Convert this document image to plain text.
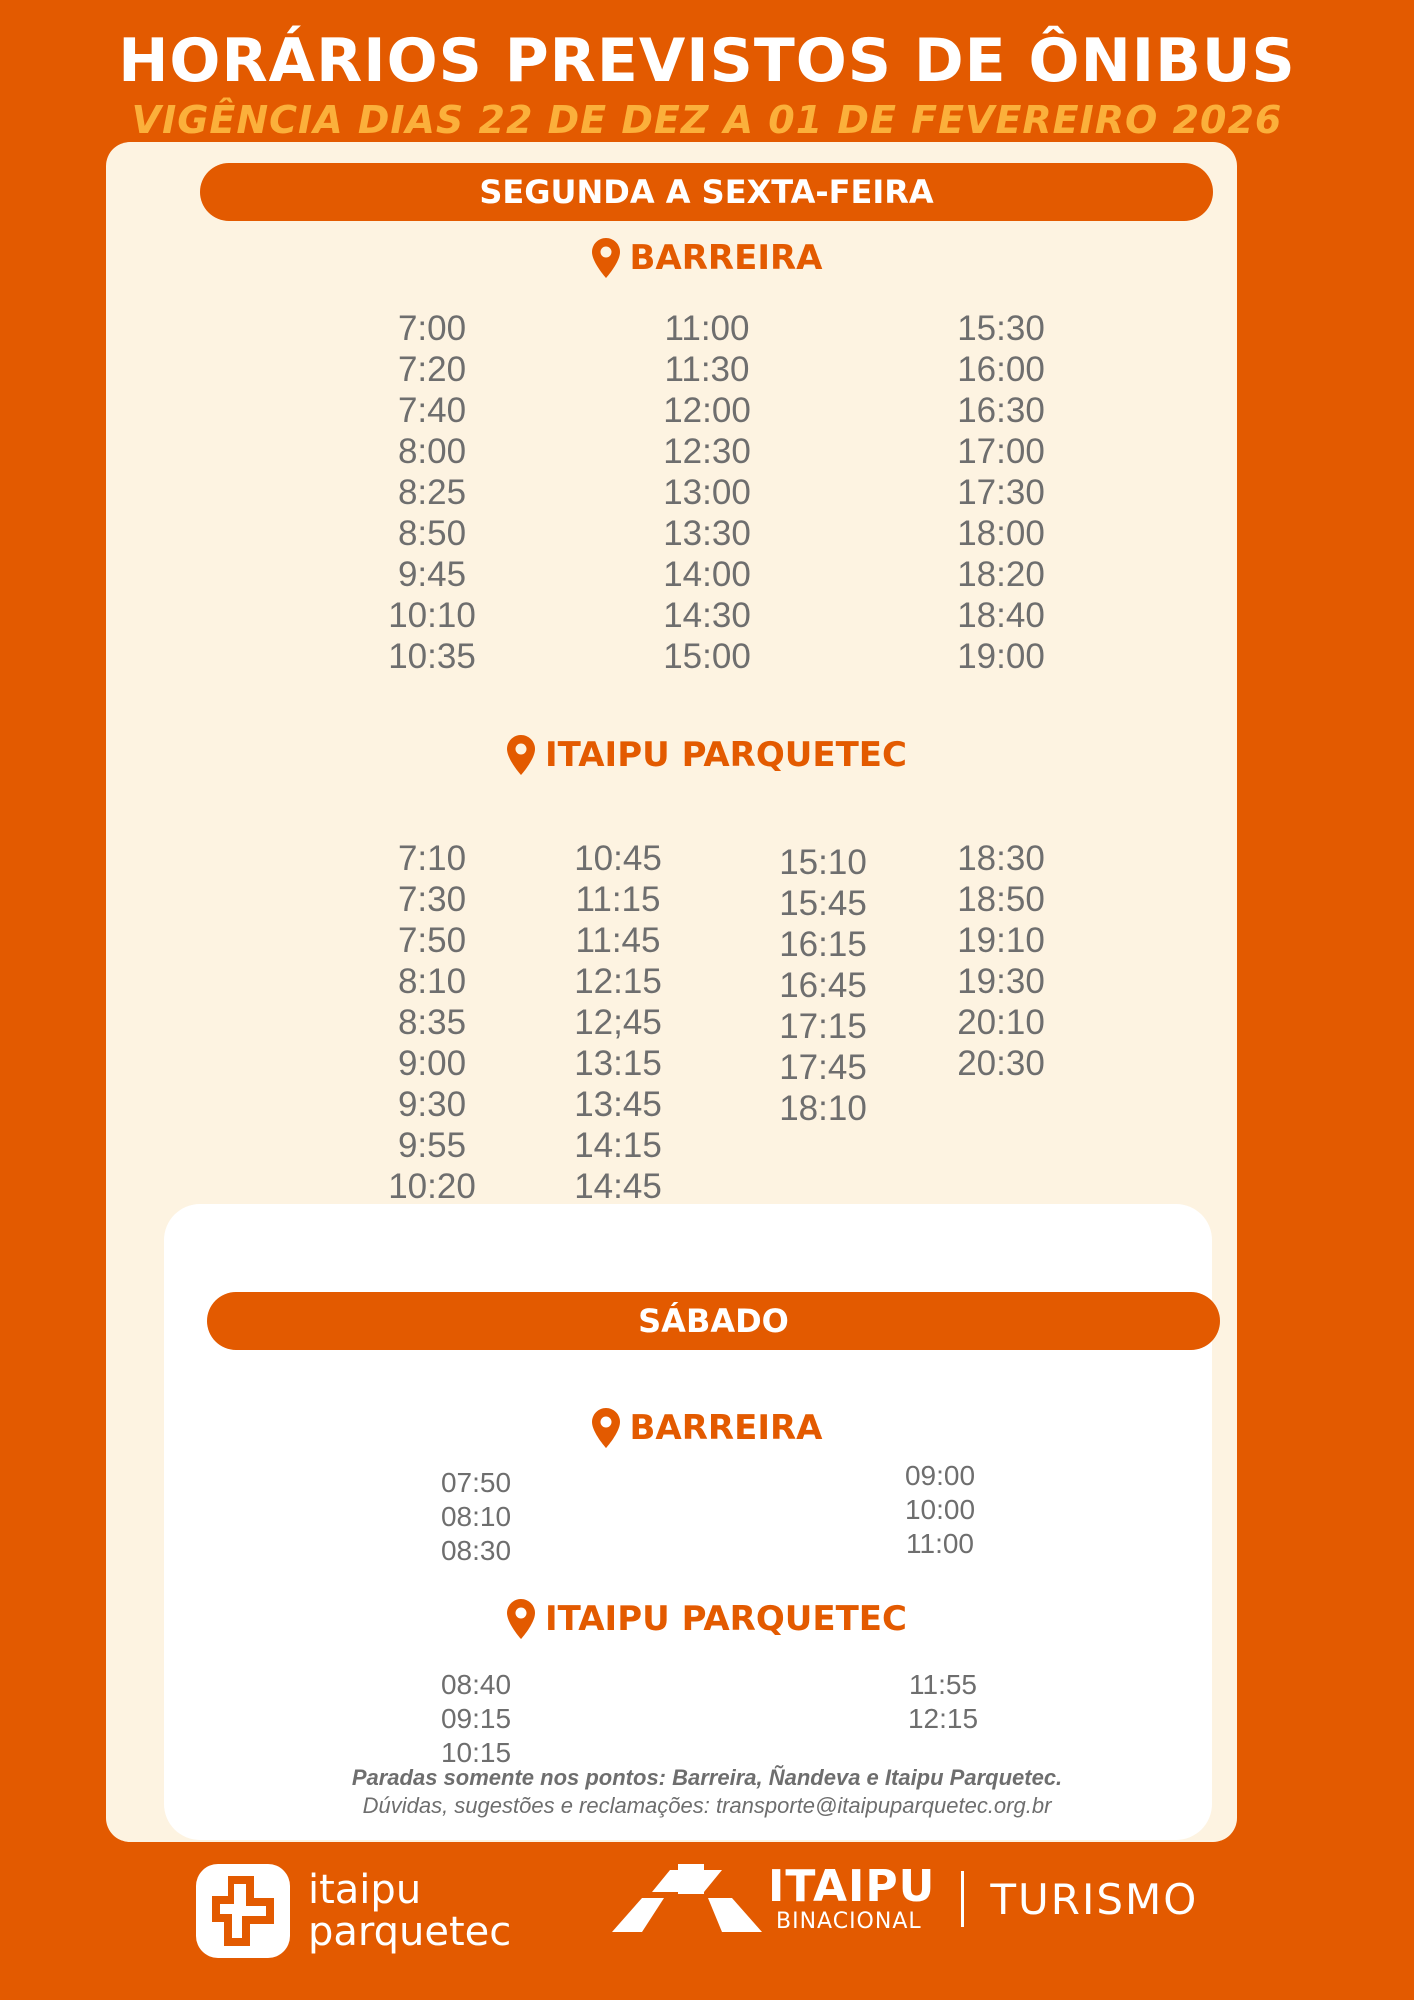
HORÁRIOS PREVISTOS DE ÔNIBUS
VIGÊNCIA DIAS 22 DE DEZ A 01 DE FEVEREIRO 2026
SEGUNDA A SEXTA-FEIRA
BARREIRA
7:00
7:20
7:40
8:00
8:25
8:50
9:45
10:10
10:35
11:00
11:30
12:00
12:30
13:00
13:30
14:00
14:30
15:00
15:30
16:00
16:30
17:00
17:30
18:00
18:20
18:40
19:00
ITAIPU PARQUETEC
7:10
7:30
7:50
8:10
8:35
9:00
9:30
9:55
10:20
10:45
11:15
11:45
12:15
12;45
13:15
13:45
14:15
14:45
15:10
15:45
16:15
16:45
17:15
17:45
18:10
18:30
18:50
19:10
19:30
20:10
20:30
SÁBADO
BARREIRA
07:50
08:10
08:30
09:00
10:00
11:00
ITAIPU PARQUETEC
08:40
09:15
10:15
11:55
12:15
Paradas somente nos pontos: Barreira, Ñandeva e Itaipu Parquetec.
Dúvidas, sugestões e reclamações: transporte@itaipuparquetec.org.br
itaipu
parquetec
ITAIPU
BINACIONAL TURISMO
